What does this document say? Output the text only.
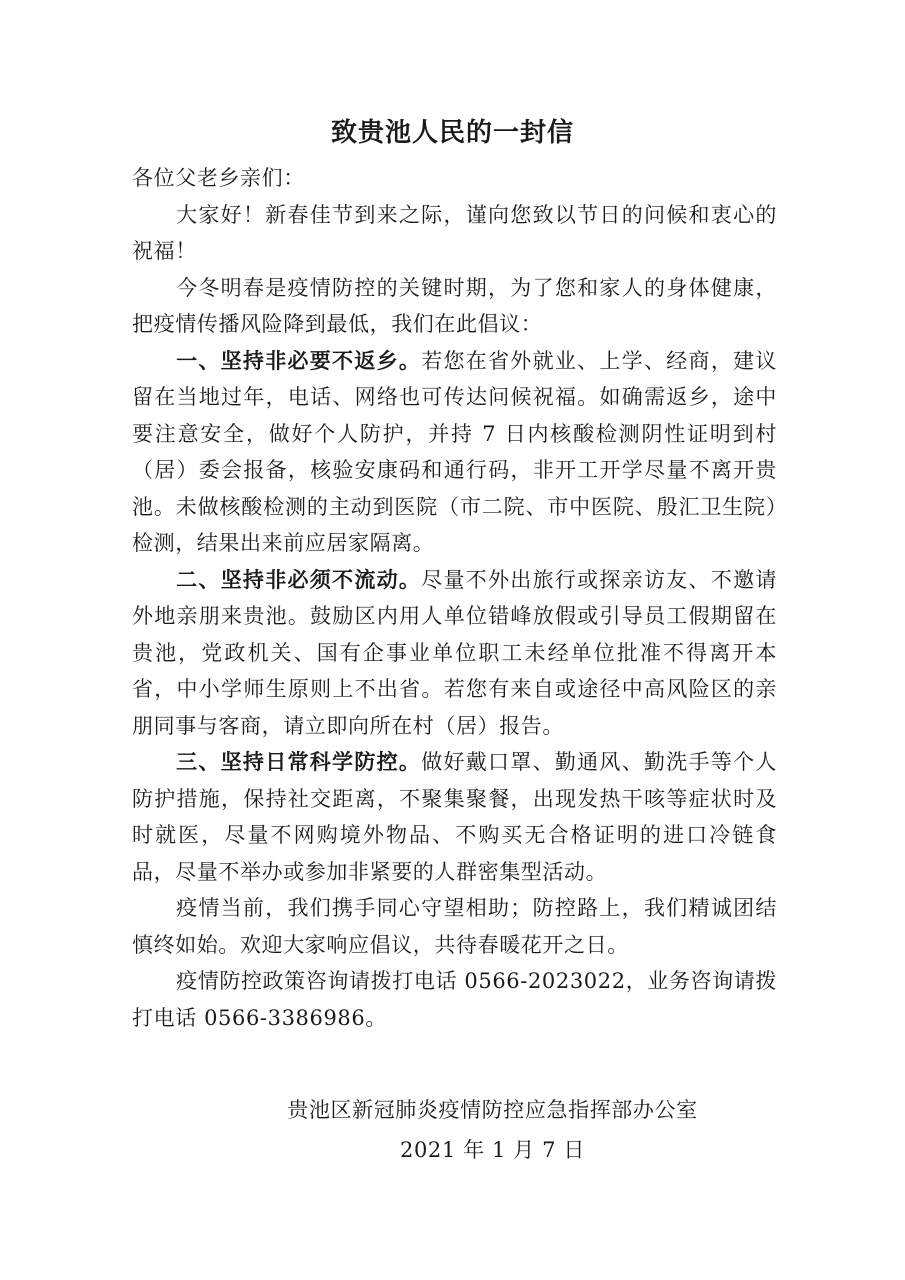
致贵池人民的一封信

各位父老乡亲们：

大家好！新春佳节到来之际，谨向您致以节日的问候和衷心的祝福！

今冬明春是疫情防控的关键时期，为了您和家人的身体健康，把疫情传播风险降到最低，我们在此倡议：

一、坚持非必要不返乡。若您在省外就业、上学、经商，建议留在当地过年，电话、网络也可传达问候祝福。如确需返乡，途中要注意安全，做好个人防护，并持 7 日内核酸检测阴性证明到村（居）委会报备，核验安康码和通行码，非开工开学尽量不离开贵池。未做核酸检测的主动到医院（市二院、市中医院、殷汇卫生院）检测，结果出来前应居家隔离。

二、坚持非必须不流动。尽量不外出旅行或探亲访友、不邀请外地亲朋来贵池。鼓励区内用人单位错峰放假或引导员工假期留在贵池，党政机关、国有企事业单位职工未经单位批准不得离开本省，中小学师生原则上不出省。若您有来自或途径中高风险区的亲朋同事与客商，请立即向所在村（居）报告。

三、坚持日常科学防控。做好戴口罩、勤通风、勤洗手等个人防护措施，保持社交距离，不聚集聚餐，出现发热干咳等症状时及时就医，尽量不网购境外物品、不购买无合格证明的进口冷链食品，尽量不举办或参加非紧要的人群密集型活动。

疫情当前，我们携手同心守望相助；防控路上，我们精诚团结慎终如始。欢迎大家响应倡议，共待春暖花开之日。

疫情防控政策咨询请拨打电话 0566-2023022，业务咨询请拨打电话 0566-3386986。

贵池区新冠肺炎疫情防控应急指挥部办公室
2021 年 1 月 7 日
